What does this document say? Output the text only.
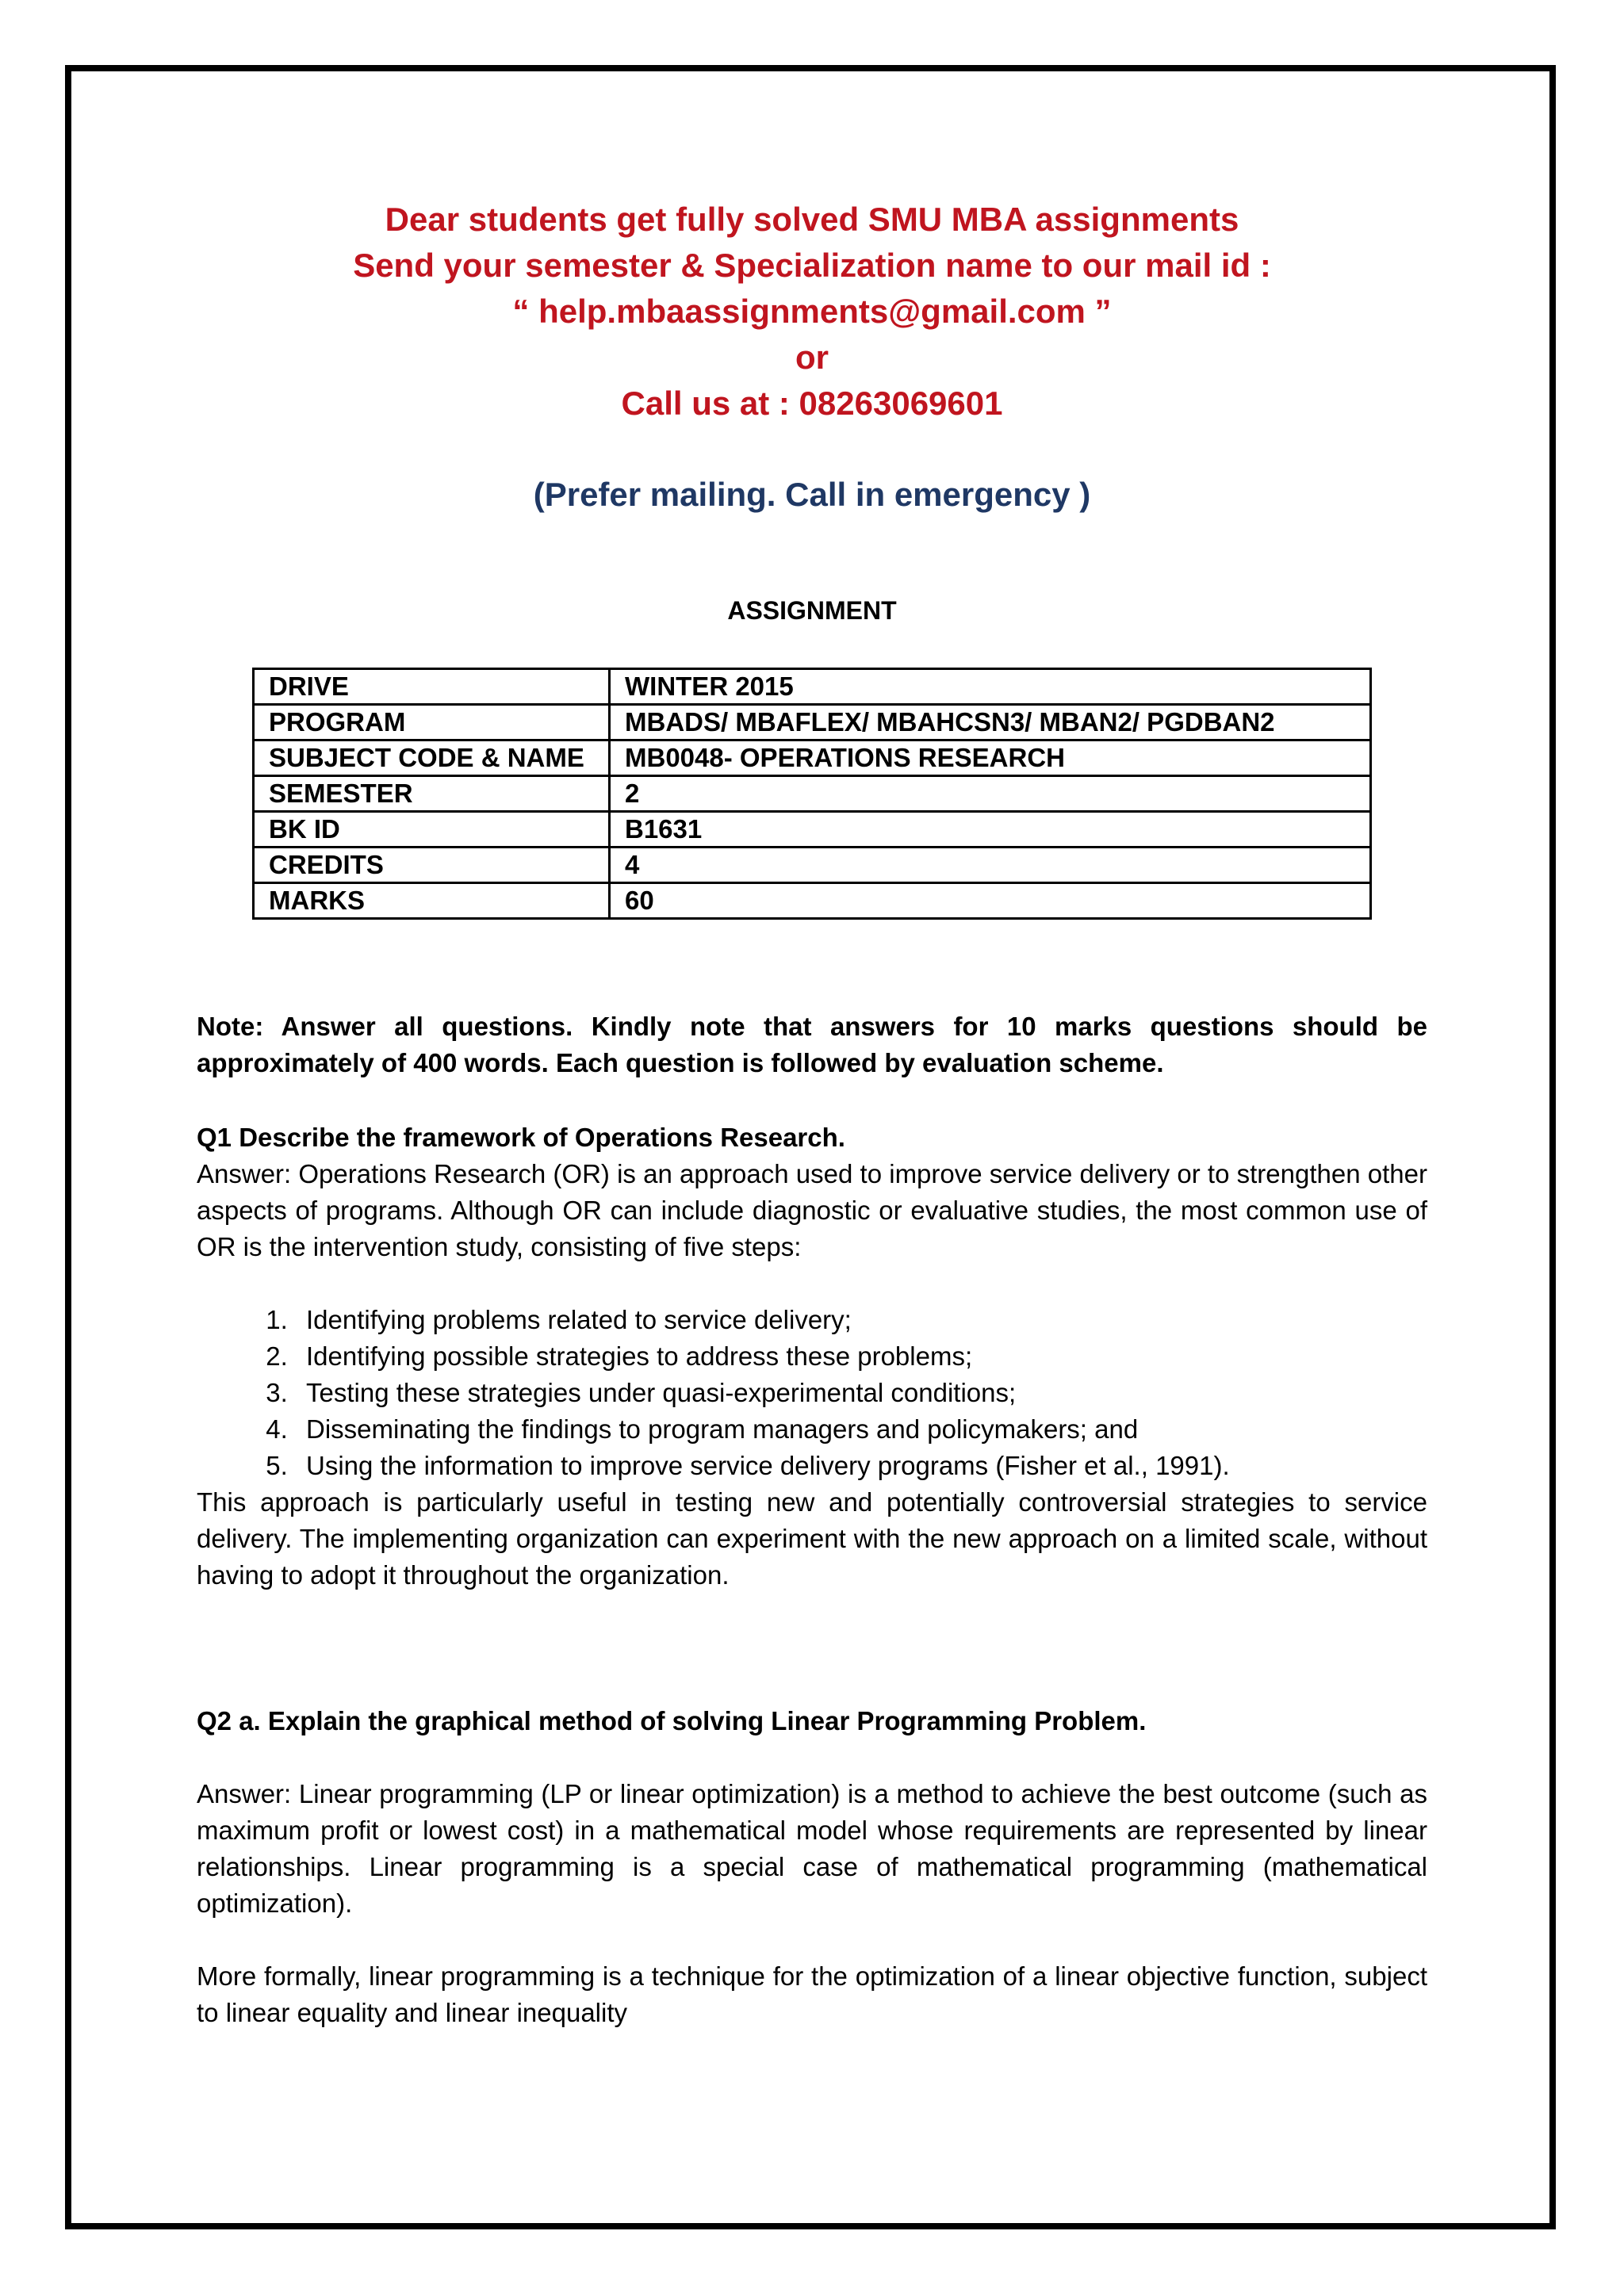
Dear students get fully solved SMU MBA assignments
Send your semester & Specialization name to our mail id :
“ help.mbaassignments@gmail.com ”
or
Call us at : 08263069601
(Prefer mailing. Call in emergency )
ASSIGNMENT
DRIVE	WINTER 2015
PROGRAM	MBADS/ MBAFLEX/ MBAHCSN3/ MBAN2/ PGDBAN2
SUBJECT CODE & NAME	MB0048- OPERATIONS RESEARCH
SEMESTER	2
BK ID	B1631
CREDITS	4
MARKS	60

Note: Answer all questions. Kindly note that answers for 10 marks questions should be approximately of 400 words. Each question is followed by evaluation scheme.

Q1 Describe the framework of Operations Research.

Answer: Operations Research (OR) is an approach used to improve service delivery or to strengthen other aspects of programs. Although OR can include diagnostic or evaluative studies, the most common use of OR is the intervention study, consisting of five steps:

1. Identifying problems related to service delivery;
2. Identifying possible strategies to address these problems;
3. Testing these strategies under quasi-experimental conditions;
4. Disseminating the findings to program managers and policymakers; and
5. Using the information to improve service delivery programs (Fisher et al., 1991).

This approach is particularly useful in testing new and potentially controversial strategies to service delivery. The implementing organization can experiment with the new approach on a limited scale, without having to adopt it throughout the organization.

Q2 a. Explain the graphical method of solving Linear Programming Problem.

Answer: Linear programming (LP or linear optimization) is a method to achieve the best outcome (such as maximum profit or lowest cost) in a mathematical model whose requirements are represented by linear relationships. Linear programming is a special case of mathematical programming (mathematical optimization).

More formally, linear programming is a technique for the optimization of a linear objective function, subject to linear equality and linear inequality
